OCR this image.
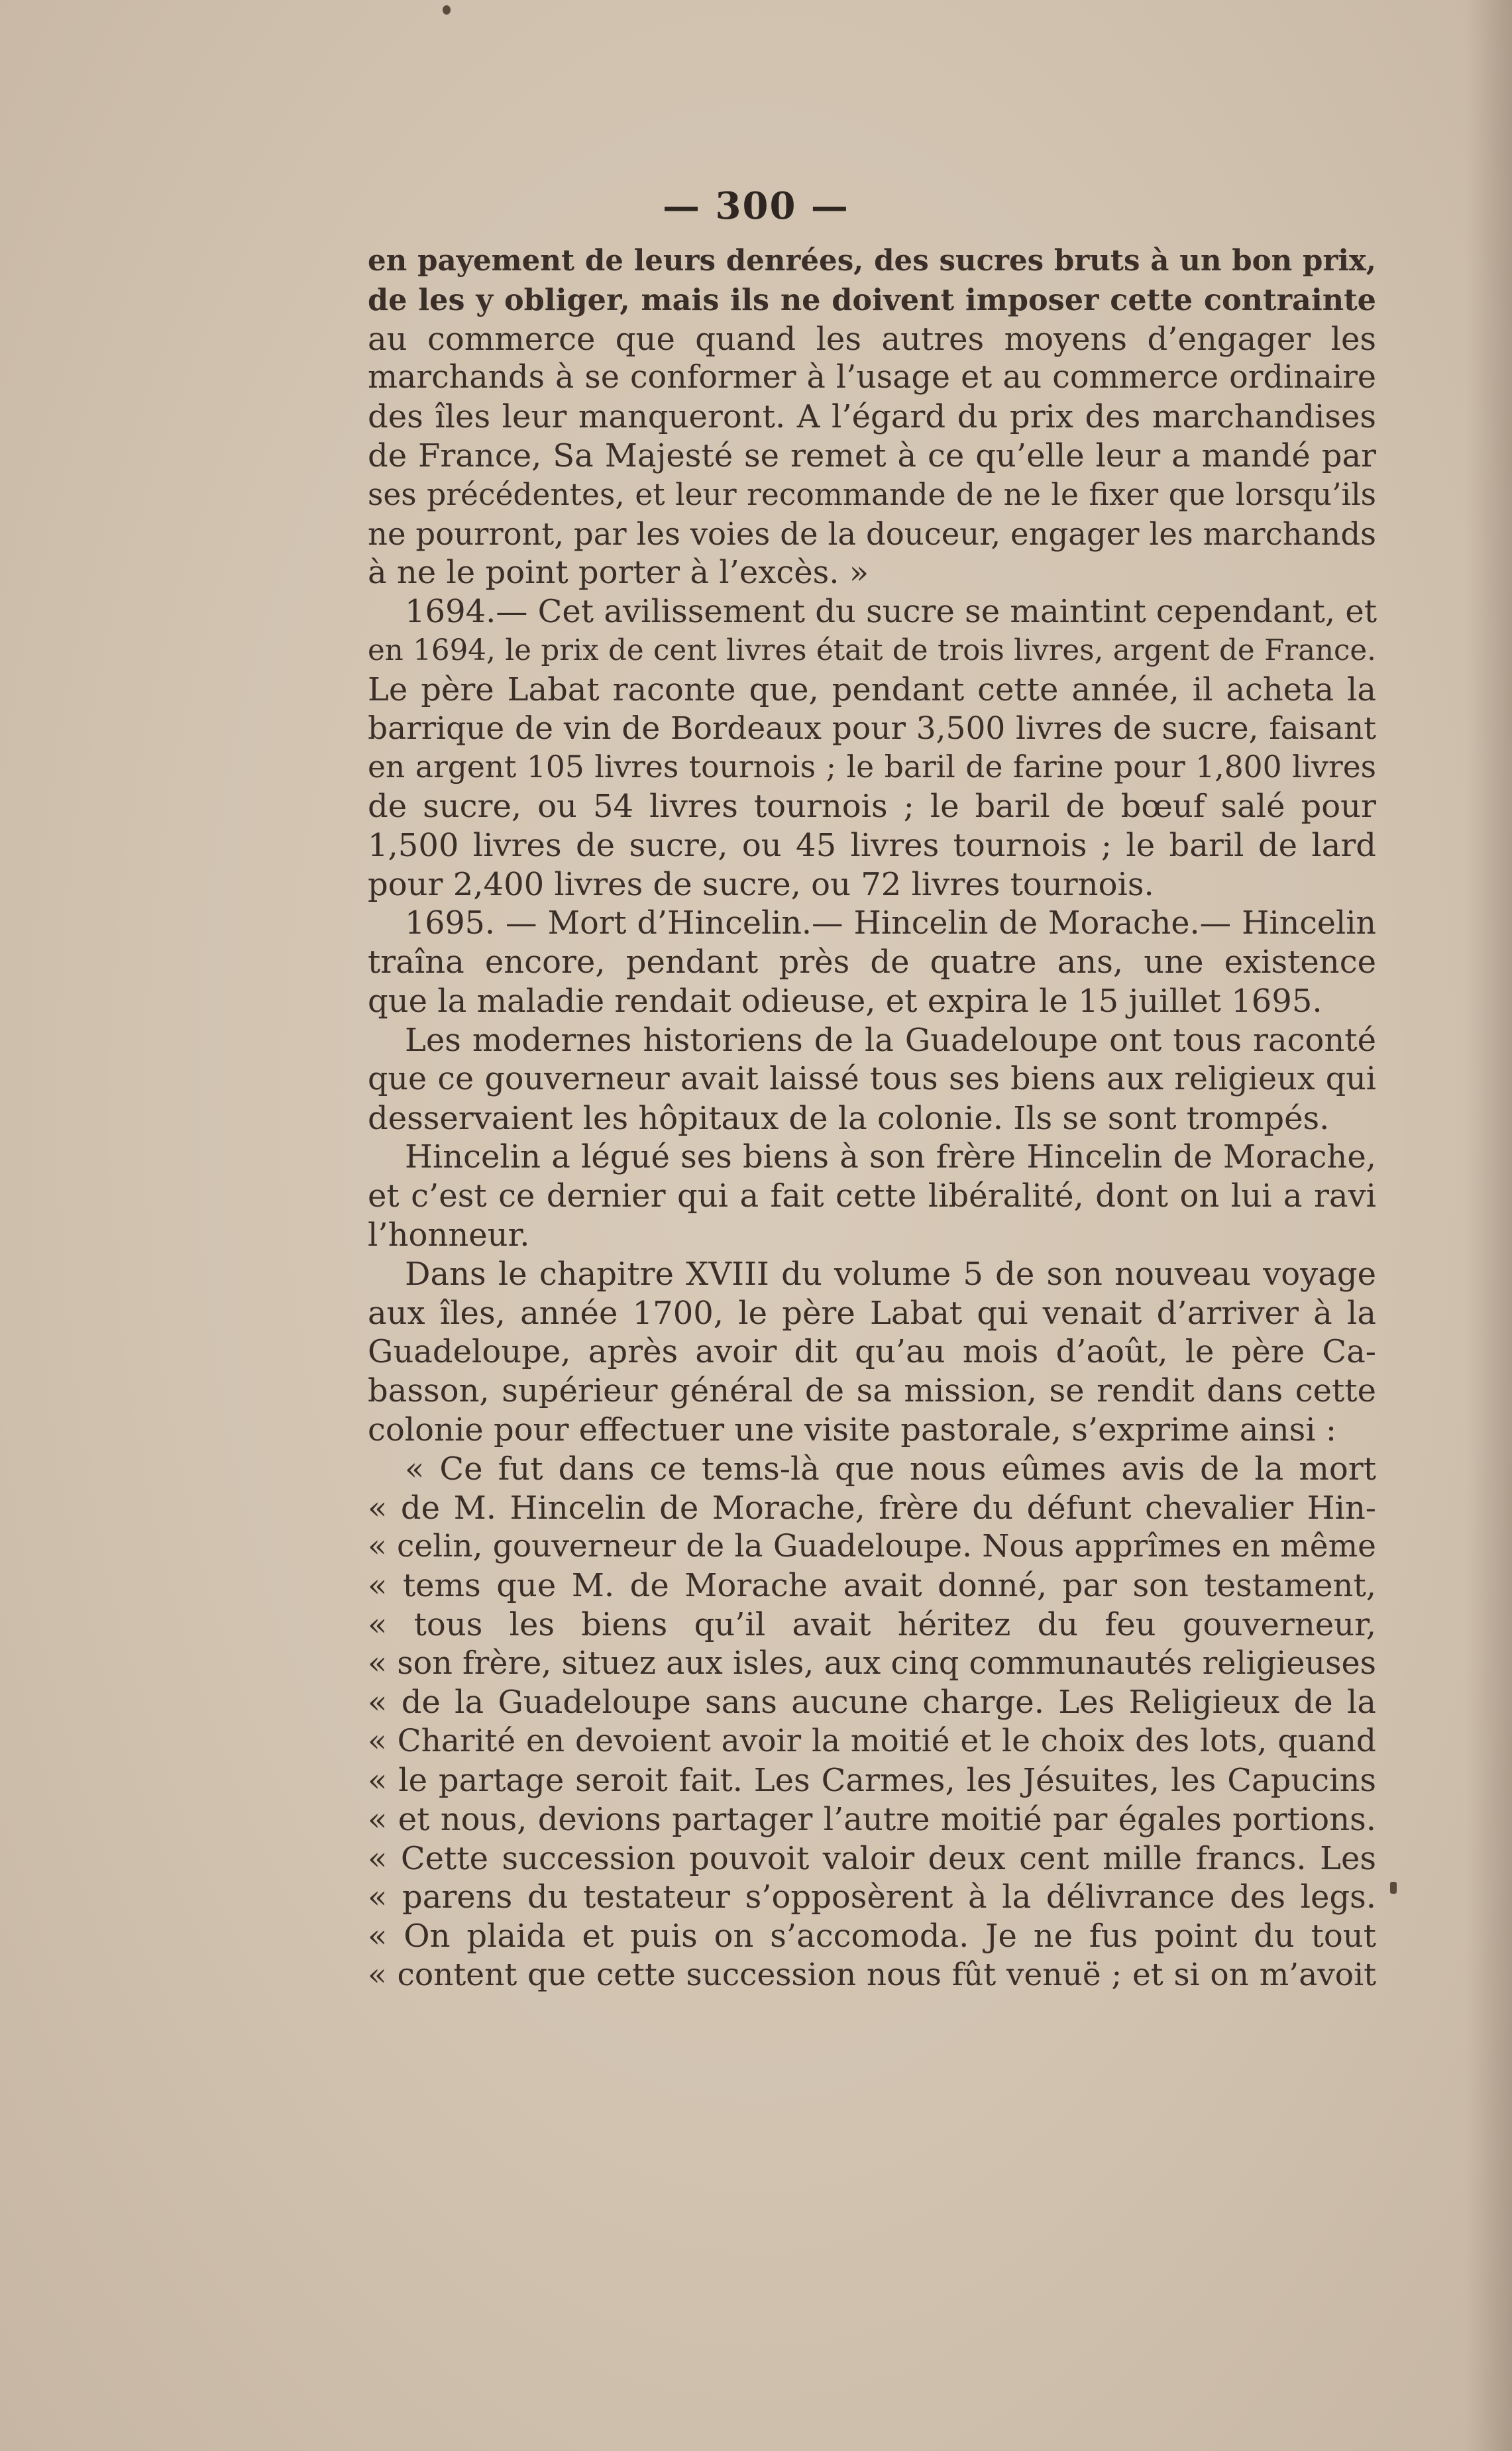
— 300 —
en payement de leurs denrées, des sucres bruts à un bon prix,
de les y obliger, mais ils ne doivent imposer cette contrainte
au commerce que quand les autres moyens d’engager les
marchands à se conformer à l’usage et au commerce ordinaire
des îles leur manqueront. A l’égard du prix des marchandises
de France, Sa Majesté se remet à ce qu’elle leur a mandé par
ses précédentes, et leur recommande de ne le fixer que lorsqu’ils
ne pourront, par les voies de la douceur, engager les marchands
à ne le point porter à l’excès. »
1694.— Cet avilissement du sucre se maintint cependant, et
en 1694, le prix de cent livres était de trois livres, argent de France.
Le père Labat raconte que, pendant cette année, il acheta la
barrique de vin de Bordeaux pour 3,500 livres de sucre, faisant
en argent 105 livres tournois ; le baril de farine pour 1,800 livres
de sucre, ou 54 livres tournois ; le baril de bœuf salé pour
1,500 livres de sucre, ou 45 livres tournois ; le baril de lard
pour 2,400 livres de sucre, ou 72 livres tournois.
1695. — Mort d’Hincelin.— Hincelin de Morache.— Hincelin
traîna encore, pendant près de quatre ans, une existence
que la maladie rendait odieuse, et expira le 15 juillet 1695.
Les modernes historiens de la Guadeloupe ont tous raconté
que ce gouverneur avait laissé tous ses biens aux religieux qui
desservaient les hôpitaux de la colonie. Ils se sont trompés.
Hincelin a légué ses biens à son frère Hincelin de Morache,
et c’est ce dernier qui a fait cette libéralité, dont on lui a ravi
l’honneur.
Dans le chapitre XVIII du volume 5 de son nouveau voyage
aux îles, année 1700, le père Labat qui venait d’arriver à la
Guadeloupe, après avoir dit qu’au mois d’août, le père Ca-
basson, supérieur général de sa mission, se rendit dans cette
colonie pour effectuer une visite pastorale, s’exprime ainsi :
« Ce fut dans ce tems-là que nous eûmes avis de la mort
« de M. Hincelin de Morache, frère du défunt chevalier Hin-
« celin, gouverneur de la Guadeloupe. Nous apprîmes en même
« tems que M. de Morache avait donné, par son testament,
« tous les biens qu’il avait héritez du feu gouverneur,
« son frère, situez aux isles, aux cinq communautés religieuses
« de la Guadeloupe sans aucune charge. Les Religieux de la
« Charité en devoient avoir la moitié et le choix des lots, quand
« le partage seroit fait. Les Carmes, les Jésuites, les Capucins
« et nous, devions partager l’autre moitié par égales portions.
« Cette succession pouvoit valoir deux cent mille francs. Les
« parens du testateur s’opposèrent à la délivrance des legs.
« On plaida et puis on s’accomoda. Je ne fus point du tout
« content que cette succession nous fût venuë ; et si on m’avoit
